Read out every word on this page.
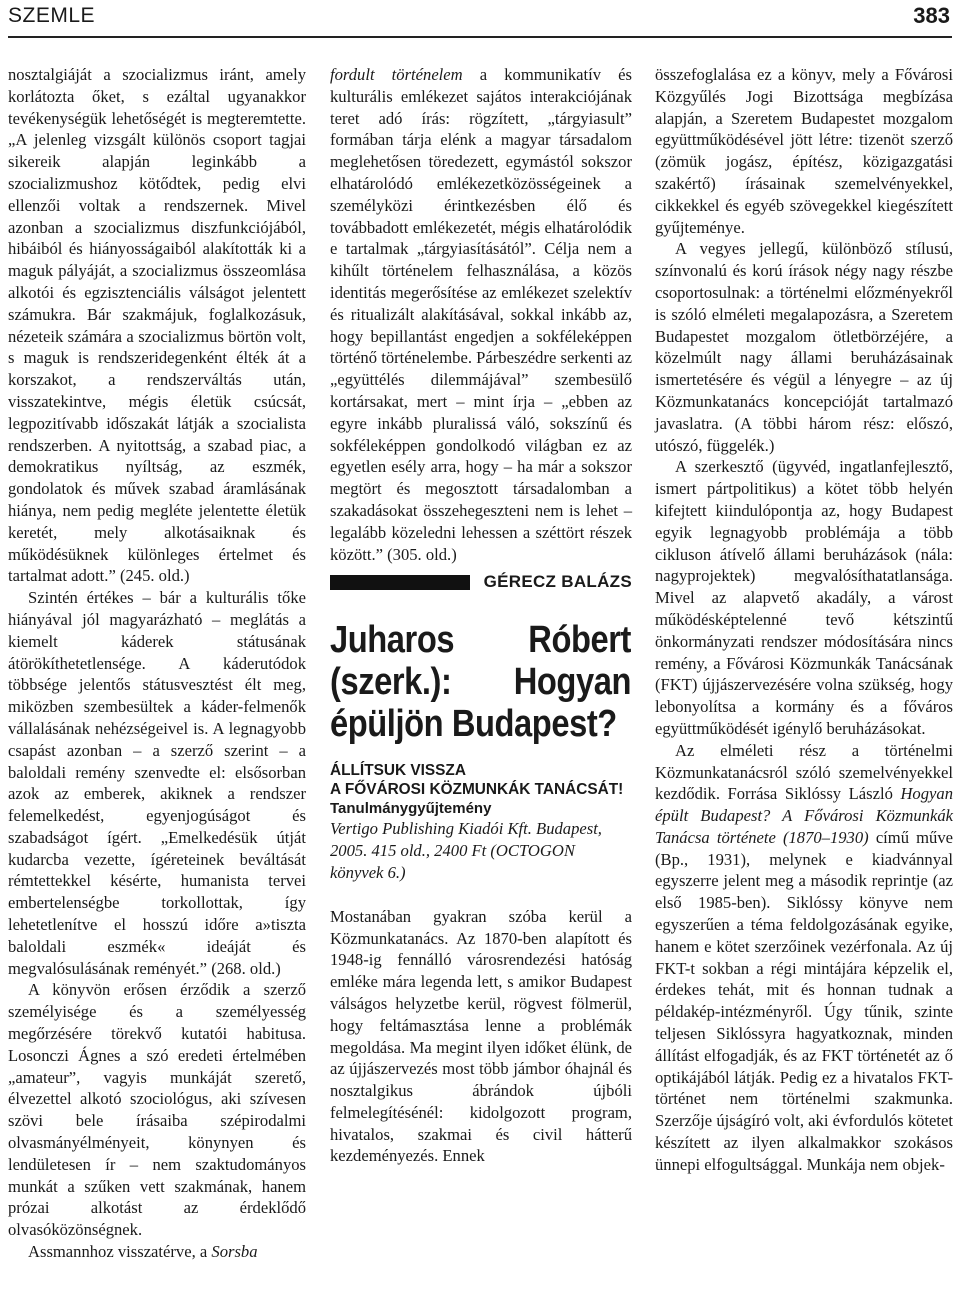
SZEMLE	383

nosztalgiáját a szocializmus iránt, amely korlátozta őket, s ezáltal ugyanakkor tevékenységük lehetőségét is megteremtette. „A jelenleg vizsgált különös csoport tagjai sikereik alapján leginkább a szocializmushoz kötődtek, pedig elvi ellenzői voltak a rendszernek. Mivel azonban a szocializmus diszfunkciójából, hibáiból és hiányosságaiból alakították ki a maguk pályáját, a szocializmus összeomlása alkotói és egzisztenciális válságot jelentett számukra. Bár szakmájuk, foglalkozásuk, nézeteik számára a szocializmus börtön volt, s maguk is rendszeridegenként élték át a korszakot, a rendszerváltás után, visszatekintve, mégis életük csúcsát, legpozitívabb időszakát látják a szocialista rendszerben. A nyitottság, a szabad piac, a demokratikus nyíltság, az eszmék, gondolatok és művek szabad áramlásának hiánya, nem pedig megléte jelentette életük keretét, mely alkotásaiknak és működésüknek különleges értelmet és tartalmat adott.” (245. old.)

Szintén értékes – bár a kulturális tőke hiányával jól magyarázható – meglátás a kiemelt káderek státusának átörökíthetetlensége. A káderutódok többsége jelentős státusvesztést élt meg, miközben szembesültek a káder-felmenők vállalásának nehézségeivel is. A legnagyobb csapást azonban – a szerző szerint – a baloldali remény szenvedte el: elsősorban azok az emberek, akiknek a rendszer felemelkedést, egyenjogúságot és szabadságot ígért. „Emelkedésük útját kudarcba vezette, ígéreteinek beváltását rémtettekkel késérte, humanista tervei embertelenségbe torkollottak, így lehetetlenítve el hosszú időre a»tiszta baloldali eszmék« ideáját és megvalósulásának reményét.” (268. old.)

A könyvön erősen érződik a szerző személyisége és a személyesség megőrzésére törekvő kutatói habitusa. Losonczi Ágnes a szó eredeti értelmében „amateur”, vagyis munkáját szerető, élvezettel alkotó szociológus, aki szívesen szövi bele írásaiba szépirodalmi olvasmányélményeit, könynyen és lendületesen ír – nem szaktudományos munkát a szűken vett szakmának, hanem prózai alkotást az érdeklődő olvasóközönségnek.

Assmannhoz visszatérve, a Sorsba

fordult történelem a kommunikatív és kulturális emlékezet sajátos interakciójának teret adó írás: rögzített, „tárgyiasult” formában tárja elénk a magyar társadalom meglehetősen töredezett, egymástól sokszor elhatárolódó emlékezetközösségeinek a személyközi érintkezésben élő és továbbadott emlékezetét, mégis elhatárolódik e tartalmak „tárgyiasításától”. Célja nem a kihűlt történelem felhasználása, a közös identitás megerősítése az emlékezet szelektív és ritualizált alakításával, sokkal inkább az, hogy bepillantást engedjen a sokféleképpen történő történelembe. Párbeszédre serkenti az „együttélés dilemmájával” szembesülő kortársakat, mert – mint írja – „ebben az egyre inkább pluralissá váló, sokszínű és sokféleképpen gondolkodó világban ez az egyetlen esély arra, hogy – ha már a sokszor megtört és megosztott társadalomban a szakadásokat összehegeszteni nem is lehet – legalább közeledni lehessen a széttört részek között.” (305. old.)

GÉRECZ BALÁZS
Juharos Róbert (szerk.): Hogyan épüljön Budapest?
ÁLLÍTSUK VISSZA
A FŐVÁROSI KÖZMUNKÁK TANÁCSÁT!
Tanulmánygyűjtemény

Vertigo Publishing Kiadói Kft. Budapest, 2005. 415 old., 2400 Ft (OCTOGON könyvek 6.)

Mostanában gyakran szóba kerül a Közmunkatanács. Az 1870-ben alapított és 1948-ig fennálló városrendezési hatóság emléke mára legenda lett, s amikor Budapest válságos helyzetbe kerül, rögvest fölmerül, hogy feltámasztása lenne a problémák megoldása. Ma megint ilyen időket élünk, de az újjászervezés most több jámbor óhajnál és nosztalgikus ábrándok újbóli felmelegítésénél: kidolgozott program, hivatalos, szakmai és civil hátterű kezdeményezés. Ennek

összefoglalása ez a könyv, mely a Fővárosi Közgyűlés Jogi Bizottsága megbízása alapján, a Szeretem Budapestet mozgalom együttműködésével jött létre: tizenöt szerző (zömük jogász, építész, közigazgatási szakértő) írásainak szemelvényekkel, cikkekkel és egyéb szövegekkel kiegészített gyűjteménye.

A vegyes jellegű, különböző stílusú, színvonalú és korú írások négy nagy részbe csoportosulnak: a történelmi előzményekről is szóló elméleti megalapozásra, a Szeretem Budapestet mozgalom ötletbörzéjére, a közelmúlt nagy állami beruházásainak ismertetésére és végül a lényegre – az új Közmunkatanács koncepcióját tartalmazó javaslatra. (A többi három rész: előszó, utószó, függelék.)

A szerkesztő (ügyvéd, ingatlanfejlesztő, ismert pártpolitikus) a kötet több helyén kifejtett kiindulópontja az, hogy Budapest egyik legnagyobb problémája a több cikluson átívelő állami beruházások (nála: nagyprojektek) megvalósíthatatlansága. Mivel az alapvető akadály, a várost működésképtelenné tevő kétszintű önkormányzati rendszer módosítására nincs remény, a Fővárosi Közmunkák Tanácsának (FKT) újjászervezésére volna szükség, hogy lebonyolítsa a kormány és a főváros együttműködését igénylő beruházásokat.

Az elméleti rész a történelmi Közmunkatanácsról szóló szemelvényekkel kezdődik. Forrása Siklóssy László Hogyan épült Budapest? A Fővárosi Közmunkák Tanácsa története (1870–1930) című műve (Bp., 1931), melynek e kiadvánnyal egyszerre jelent meg a második reprintje (az első 1985-ben). Siklóssy könyve nem egyszerűen a téma feldolgozásának egyike, hanem e kötet szerzőinek vezérfonala. Az új FKT-t sokban a régi mintájára képzelik el, érdekes tehát, mit és honnan tudnak a példakép-intézményről. Úgy tűnik, szinte teljesen Siklóssyra hagyatkoznak, minden állítást elfogadják, és az FKT történetét az ő optikájából látják. Pedig ez a hivatalos FKT-történet nem történelmi szakmunka. Szerzője újságíró volt, aki évfordulós kötetet készített az ilyen alkalmakkor szokásos ünnepi elfogultsággal. Munkája nem objek-
